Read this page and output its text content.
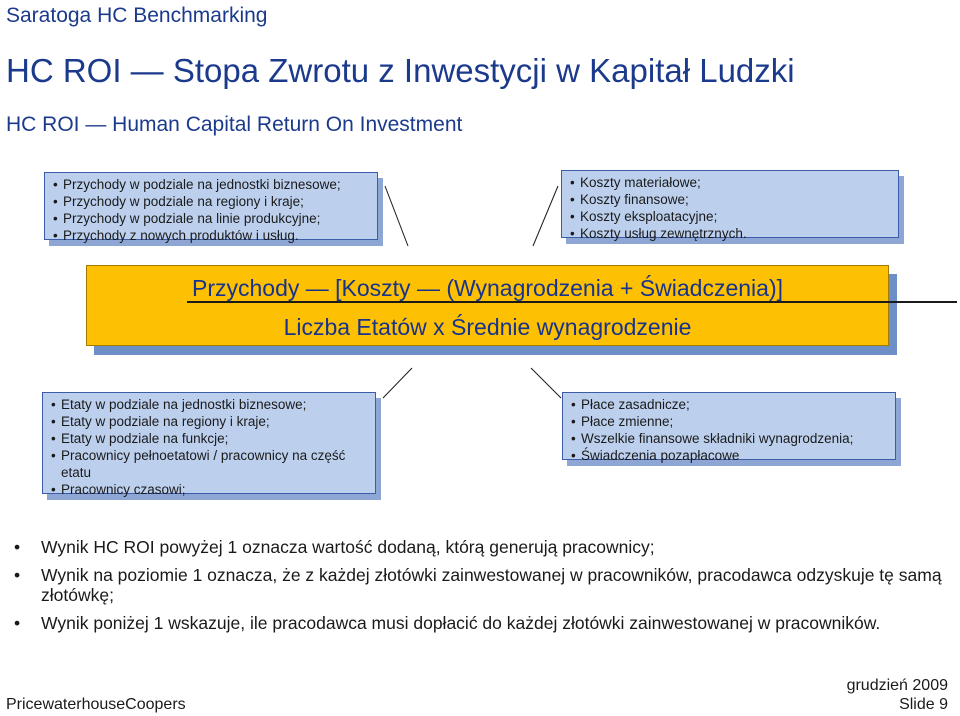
Saratoga HC Benchmarking
HC ROI — Stopa Zwrotu z Inwestycji w Kapitał Ludzki
HC ROI — Human Capital Return On Investment
• Przychody w podziale na jednostki biznesowe;
• Przychody w podziale na regiony i kraje;
• Przychody w podziale na linie produkcyjne;
• Przychody z nowych produktów i usług.
• Koszty materiałowe;
• Koszty finansowe;
• Koszty eksploatacyjne;
• Koszty usług zewnętrznych.
Przychody — [Koszty — (Wynagrodzenia + Świadczenia)]
Liczba Etatów x Średnie wynagrodzenie
• Etaty w podziale na jednostki biznesowe;
• Etaty w podziale na regiony i kraje;
• Etaty w podziale na funkcje;
• Pracownicy pełnoetatowi / pracownicy na część etatu
• Pracownicy czasowi;
• Płace zasadnicze;
• Płace zmienne;
• Wszelkie finansowe składniki wynagrodzenia;
• Świadczenia pozapłacowe
• Wynik HC ROI powyżej 1 oznacza wartość dodaną, którą generują pracownicy;
• Wynik na poziomie 1 oznacza, że z każdej złotówki zainwestowanej w pracowników, pracodawca odzyskuje tę samą złotówkę;
• Wynik poniżej 1 wskazuje, ile pracodawca musi dopłacić do każdej złotówki zainwestowanej w pracowników.
grudzień 2009
PricewaterhouseCoopers	Slide 9
